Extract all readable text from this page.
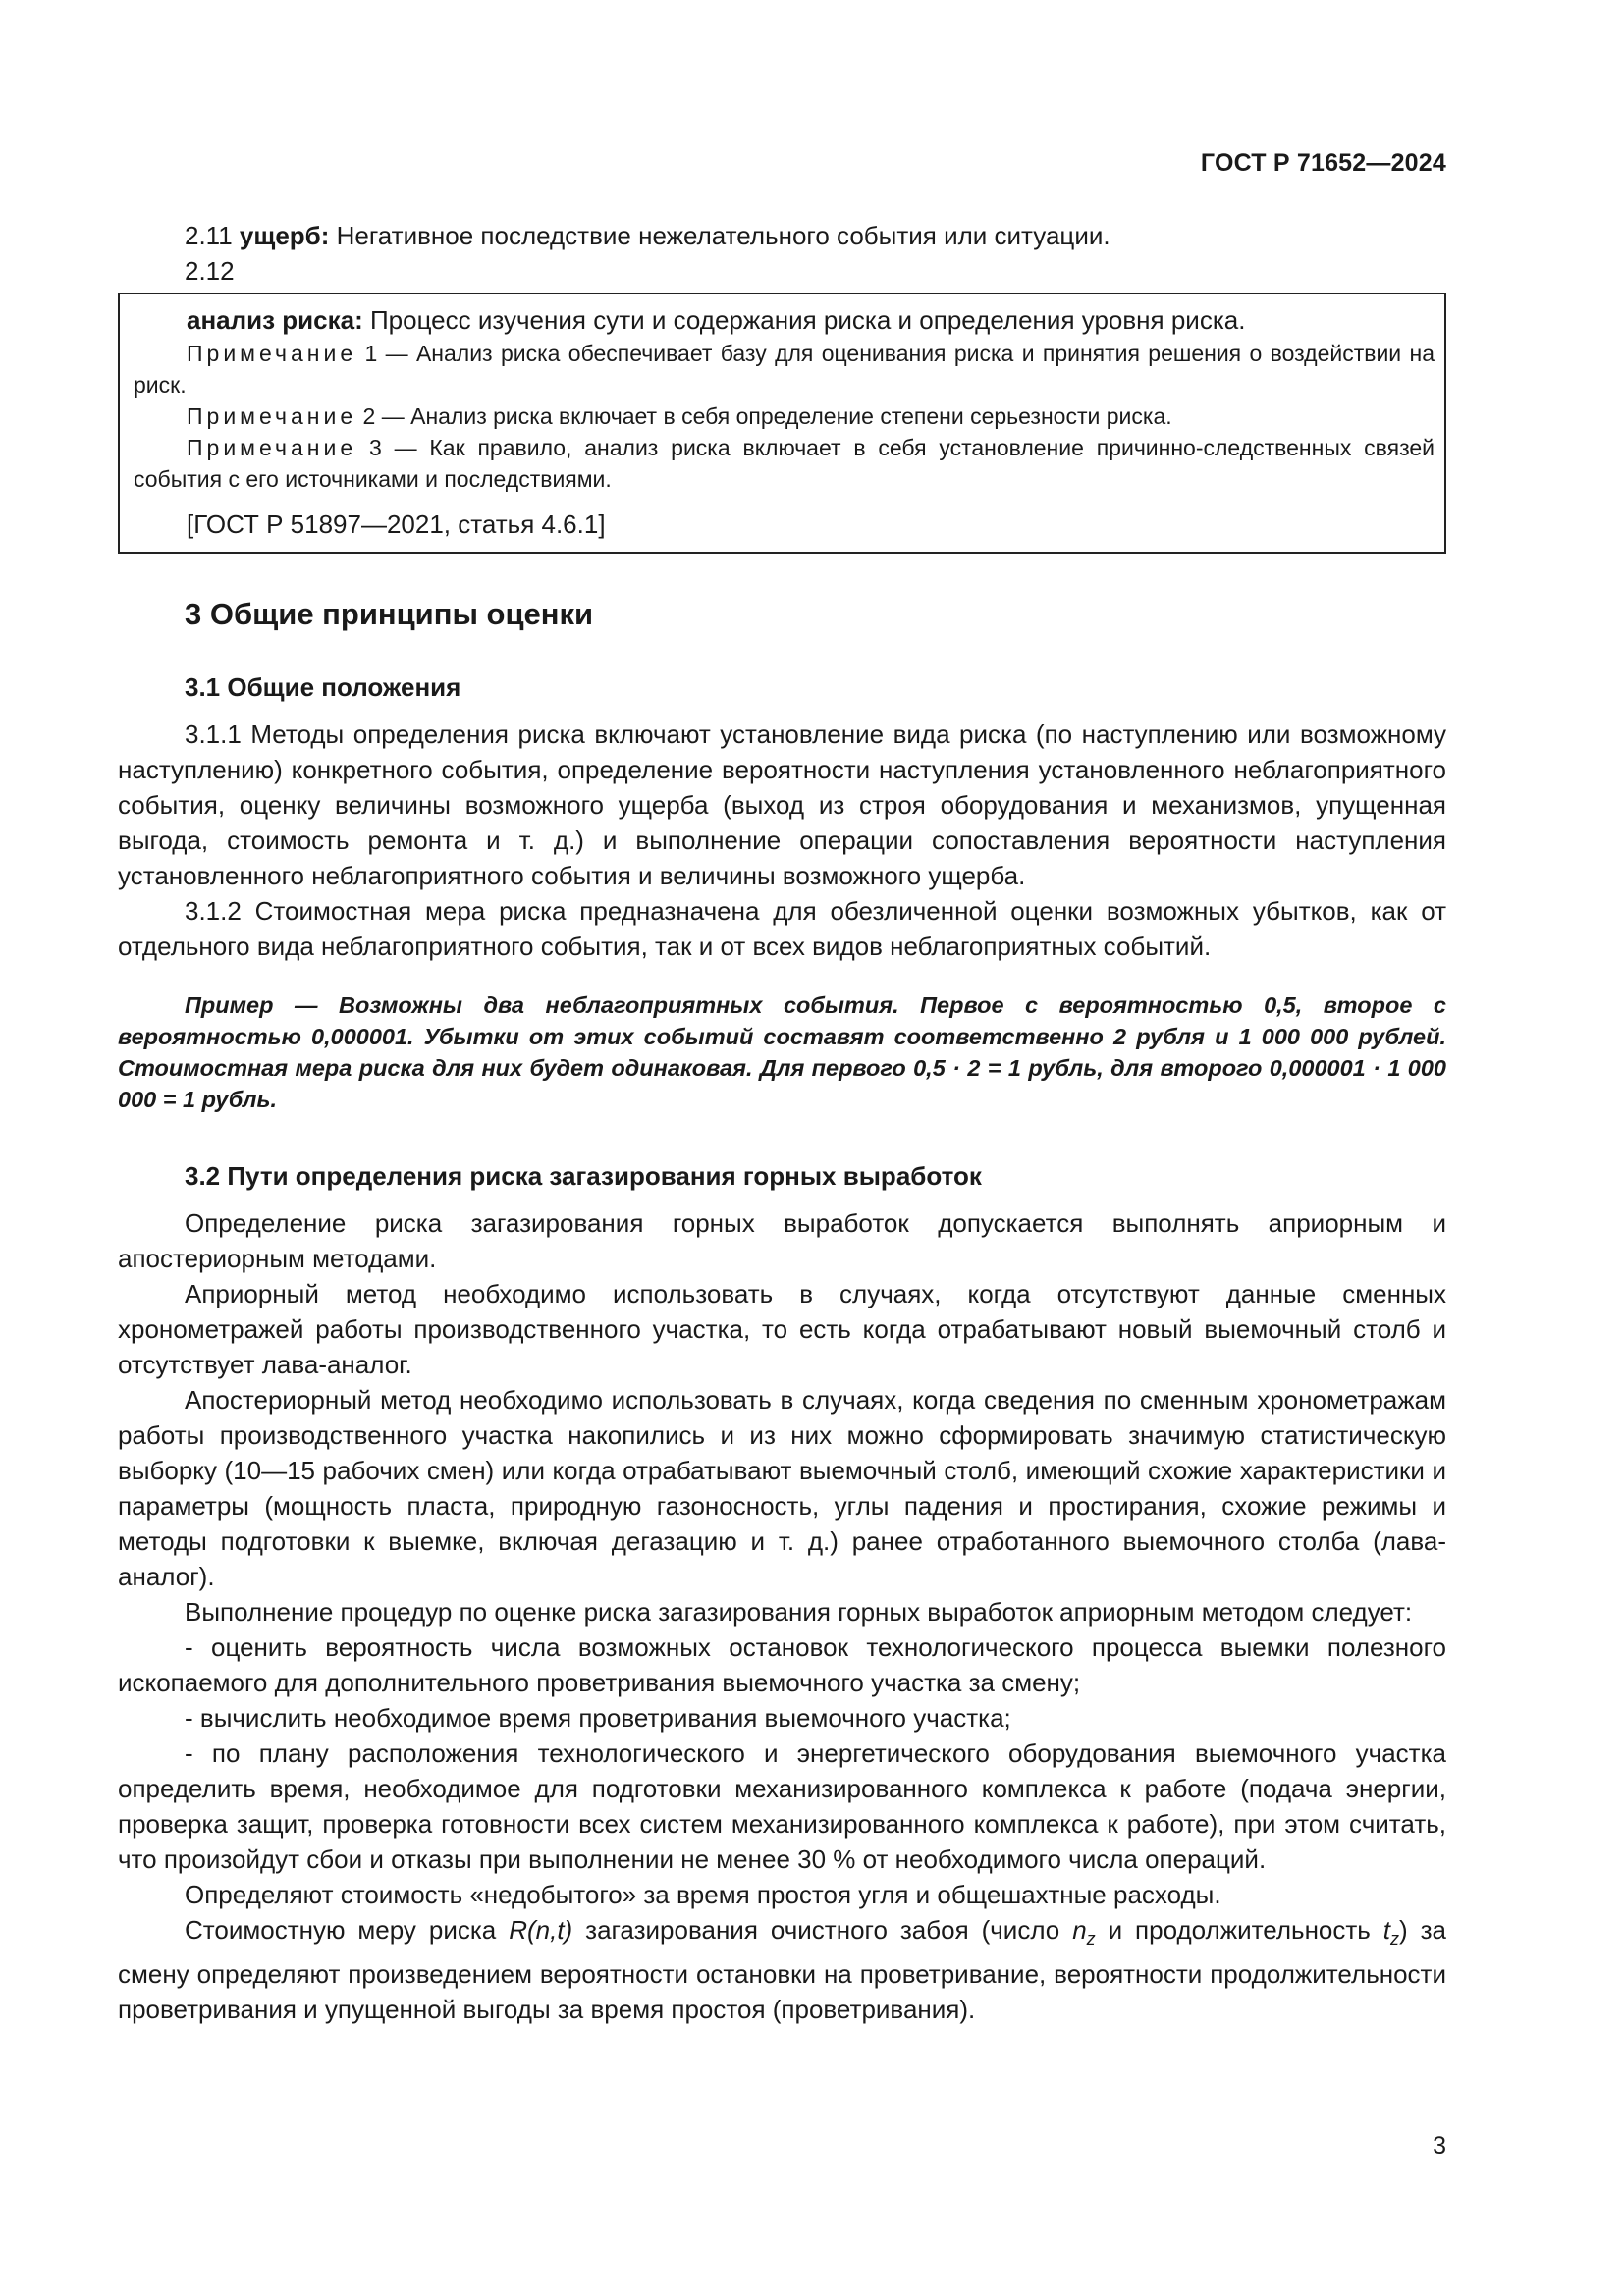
ГОСТ Р 71652—2024

2.11 ущерб: Негативное последствие нежелательного события или ситуации.

2.12

анализ риска: Процесс изучения сути и содержания риска и определения уровня риска.

Примечание 1 — Анализ риска обеспечивает базу для оценивания риска и принятия решения о воздействии на риск.

Примечание 2 — Анализ риска включает в себя определение степени серьезности риска.

Примечание 3 — Как правило, анализ риска включает в себя установление причинно-следственных связей события с его источниками и последствиями.

[ГОСТ Р 51897—2021, статья 4.6.1]

3 Общие принципы оценки
3.1 Общие положения

3.1.1 Методы определения риска включают установление вида риска (по наступлению или возможному наступлению) конкретного события, определение вероятности наступления установленного неблагоприятного события, оценку величины возможного ущерба (выход из строя оборудования и механизмов, упущенная выгода, стоимость ремонта и т. д.) и выполнение операции сопоставления вероятности наступления установленного неблагоприятного события и величины возможного ущерба.

3.1.2 Стоимостная мера риска предназначена для обезличенной оценки возможных убытков, как от отдельного вида неблагоприятного события, так и от всех видов неблагоприятных событий.

Пример — Возможны два неблагоприятных события. Первое с вероятностью 0,5, второе с вероятностью 0,000001. Убытки от этих событий составят соответственно 2 рубля и 1 000 000 рублей. Стоимостная мера риска для них будет одинаковая. Для первого 0,5 · 2 = 1 рубль, для второго 0,000001 · 1 000 000 = 1 рубль.

3.2 Пути определения риска загазирования горных выработок

Определение риска загазирования горных выработок допускается выполнять априорным и апостериорным методами.

Априорный метод необходимо использовать в случаях, когда отсутствуют данные сменных хронометражей работы производственного участка, то есть когда отрабатывают новый выемочный столб и отсутствует лава-аналог.

Апостериорный метод необходимо использовать в случаях, когда сведения по сменным хронометражам работы производственного участка накопились и из них можно сформировать значимую статистическую выборку (10—15 рабочих смен) или когда отрабатывают выемочный столб, имеющий схожие характеристики и параметры (мощность пласта, природную газоносность, углы падения и простирания, схожие режимы и методы подготовки к выемке, включая дегазацию и т. д.) ранее отработанного выемочного столба (лава-аналог).

Выполнение процедур по оценке риска загазирования горных выработок априорным методом следует:

- оценить вероятность числа возможных остановок технологического процесса выемки полезного ископаемого для дополнительного проветривания выемочного участка за смену;

- вычислить необходимое время проветривания выемочного участка;

- по плану расположения технологического и энергетического оборудования выемочного участка определить время, необходимое для подготовки механизированного комплекса к работе (подача энергии, проверка защит, проверка готовности всех систем механизированного комплекса к работе), при этом считать, что произойдут сбои и отказы при выполнении не менее 30 % от необходимого числа операций.

Определяют стоимость «недобытого» за время простоя угля и общешахтные расходы.

Стоимостную меру риска R(n,t) загазирования очистного забоя (число $n_z$ и продолжительность $t_z$) за смену определяют произведением вероятности остановки на проветривание, вероятности продолжительности проветривания и упущенной выгоды за время простоя (проветривания).

3
